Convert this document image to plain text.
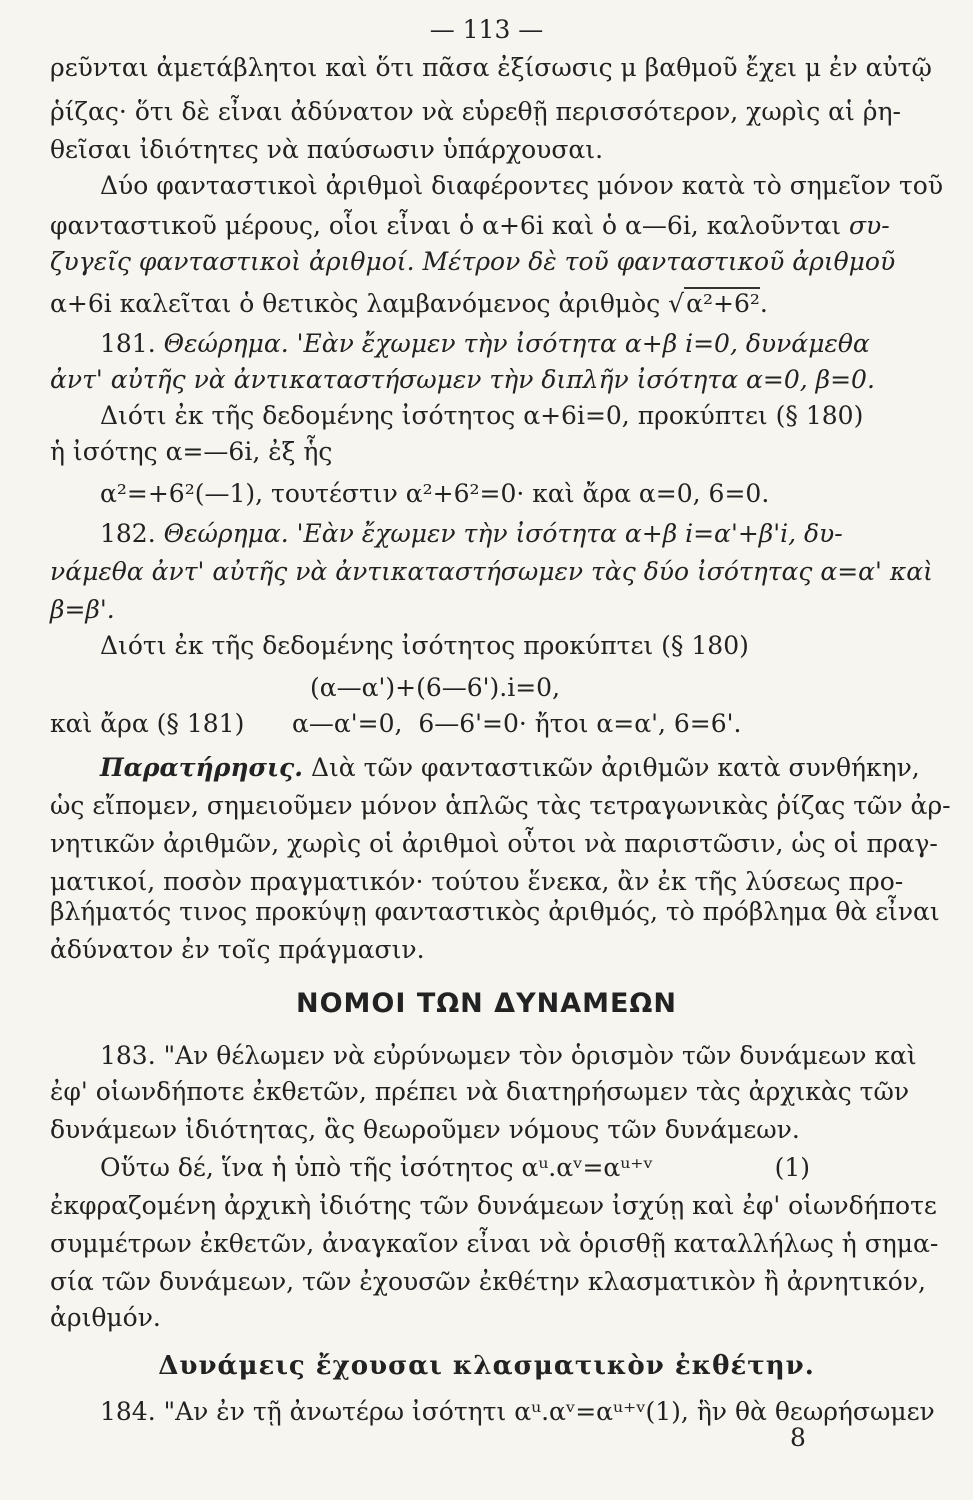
— 113 —
ρεῦνται ἀμετάβλητοι καὶ ὅτι πᾶσα ἐξίσωσις μ βαθμοῦ ἔχει μ ἐν αὐτῷ
ῥίζας· ὅτι δὲ εἶναι ἀδύνατον νὰ εὑρεθῇ περισσότερον, χωρὶς αἱ ῥη-
θεῖσαι ἰδιότητες νὰ παύσωσιν ὑπάρχουσαι.
Δύο φανταστικοὶ ἀριθμοὶ διαφέροντες μόνον κατὰ τὸ σημεῖον τοῦ
φανταστικοῦ μέρους, οἷοι εἶναι ὁ α+6i καὶ ὁ α—6i, καλοῦνται συ-
ζυγεῖς φανταστικοὶ ἀριθμοί. Μέτρον δὲ τοῦ φανταστικοῦ ἀριθμοῦ
α+6i καλεῖται ὁ θετικὸς λαμβανόμενος ἀριθμὸς √α²+6².
181. Θεώρημα. 'Εὰν ἔχωμεν τὴν ἰσότητα α+β i=0, δυνάμεθα
ἀντ' αὐτῆς νὰ ἀντικαταστήσωμεν τὴν διπλῆν ἰσότητα α=0, β=0.
Διότι ἐκ τῆς δεδομένης ἰσότητος α+6i=0, προκύπτει (§ 180)
ἡ ἰσότης α=—6i, ἐξ ἧς
α²=+6²(—1), τουτέστιν α²+6²=0· καὶ ἄρα α=0, 6=0.
182. Θεώρημα. 'Εὰν ἔχωμεν τὴν ἰσότητα α+β i=α'+β'i, δυ-
νάμεθα ἀντ' αὐτῆς νὰ ἀντικαταστήσωμεν τὰς δύο ἰσότητας α=α' καὶ
β=β'.
Διότι ἐκ τῆς δεδομένης ἰσότητος προκύπτει (§ 180)
(α—α')+(6—6').i=0,
καὶ ἄρα (§ 181)      α—α'=0,  6—6'=0· ἤτοι α=α', 6=6'.
Παρατήρησις. Διὰ τῶν φανταστικῶν ἀριθμῶν κατὰ συνθήκην,
ὡς εἴπομεν, σημειοῦμεν μόνον ἁπλῶς τὰς τετραγωνικὰς ῥίζας τῶν ἀρ-
νητικῶν ἀριθμῶν, χωρὶς οἱ ἀριθμοὶ οὗτοι νὰ παριστῶσιν, ὡς οἱ πραγ-
ματικοί, ποσὸν πραγματικόν· τούτου ἕνεκα, ἂν ἐκ τῆς λύσεως προ-
βλήματός τινος προκύψῃ φανταστικὸς ἀριθμός, τὸ πρόβλημα θὰ εἶναι
ἀδύνατον ἐν τοῖς πράγμασιν.
ΝΟΜΟΙ ΤΩΝ ΔΥΝΑΜΕΩΝ
183. "Αν θέλωμεν νὰ εὐρύνωμεν τὸν ὁρισμὸν τῶν δυνάμεων καὶ
ἐφ' οἱωνδήποτε ἐκθετῶν, πρέπει νὰ διατηρήσωμεν τὰς ἀρχικὰς τῶν
δυνάμεων ἰδιότητας, ἃς θεωροῦμεν νόμους τῶν δυνάμεων.
Οὕτω δέ, ἵνα ἡ ὑπὸ τῆς ἰσότητος αᵘ.αᵛ=αᵘ⁺ᵛ	(1)
ἐκφραζομένη ἀρχικὴ ἰδιότης τῶν δυνάμεων ἰσχύῃ καὶ ἐφ' οἱωνδήποτε
συμμέτρων ἐκθετῶν, ἀναγκαῖον εἶναι νὰ ὁρισθῇ καταλλήλως ἡ σημα-
σία τῶν δυνάμεων, τῶν ἐχουσῶν ἐκθέτην κλασματικὸν ἢ ἀρνητικόν,
ἀριθμόν.
Δυνάμεις ἔχουσαι κλασματικὸν ἐκθέτην.
184. "Αν ἐν τῇ ἀνωτέρω ἰσότητι αᵘ.αᵛ=αᵘ⁺ᵛ(1), ἣν θὰ θεωρήσωμεν
8
